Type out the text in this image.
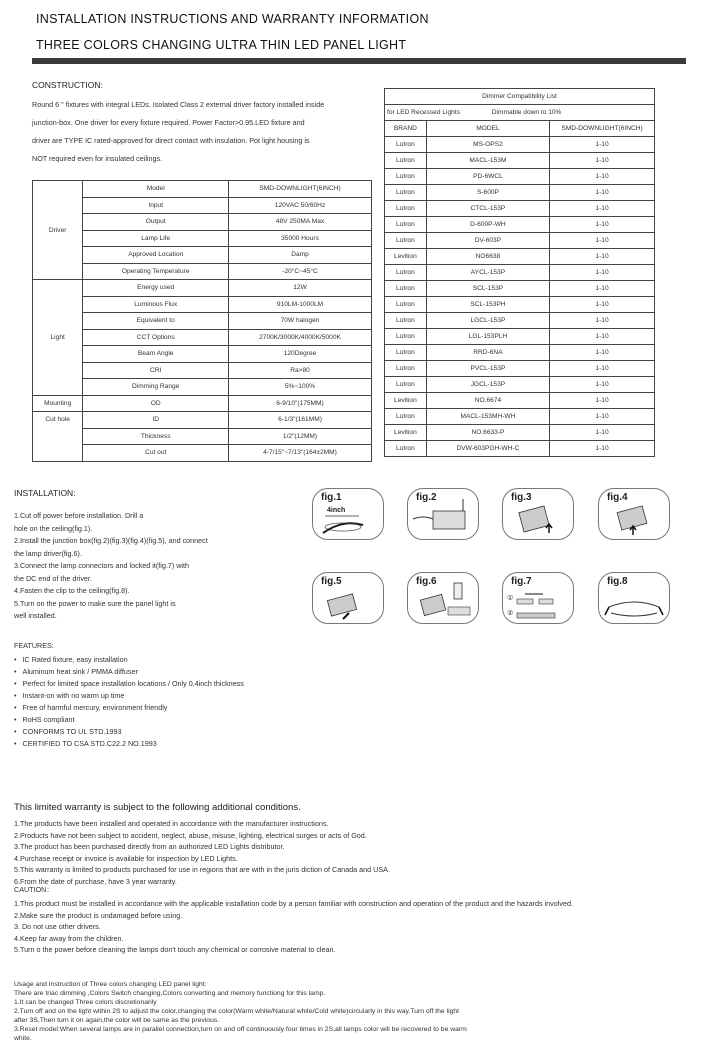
INSTALLATION INSTRUCTIONS AND WARRANTY INFORMATION
THREE COLORS CHANGING ULTRA THIN LED PANEL LIGHT
CONSTRUCTION:
Round 6 " fixtures with integral LEDs. Isolated Class 2 external driver factory installed inside
junction-box. One driver for every fixture required. Power Factor>0.95.LED fixture and
driver are TYPE IC rated-approved for direct contact with insulation. Pot light housing is
NOT required even for insulated ceilings.
Driver	Model	SMD-DOWNLIGHT(6INCH)
	Input	120VAC 50/60Hz
	Output	48V 250MA Max
	Lamp Life	35000 Hours
	Approved Location	Damp
	Operating Temperature	-20°C~45°C
Light	Energy used	12W
	Luminous Flux	910LM-1000LM
	Equivalent to	70W halogen
	CCT Options	2700K/3000K/4000K/5000K
	Beam Angle	120Degree
	CRI	Ra>80
	Dimming Range	5%~100%
Mounting	OD	6-9/10"(175MM)
Cut hole	ID	6-1/3"(161MM)
	Thickness	1/2"(12MM)
	Cut out	4-7/15"~7/13"(164±2MM)
Dimmer Compatibility List		
for LED Recessed Lights Dimmable down to 10%		
BRAND	MODEL	SMD-DOWNLIGHT(6INCH)
Lutron	MS-OPS2	1-10
Lutron	MACL-153M	1-10
Lutron	PD-6WCL	1-10
Lutron	S-600P	1-10
Lutron	CTCL-153P	1-10
Lutron	D-600P-WH	1-10
Lutron	DV-603P	1-10
Levition	NO6638	1-10
Lutron	AYCL-153P	1-10
Lutron	SCL-153P	1-10
Lutron	SCL-153PH	1-10
Lutron	LGCL-153P	1-10
Lutron	LGL-153PLH	1-10
Lutron	RRD-6NA	1-10
Lutron	PVCL-153P	1-10
Lutron	JGCL-153P	1-10
Levition	NO.6674	1-10
Lutron	MACL-153MH-WH	1-10
Levition	NO.6633-P	1-10
Lutron	DVW-603PGH-WH-C	1-10
INSTALLATION:
1.Cut off power before installation. Drill a
hole on the ceiling(fig.1).
2.Install the junction box(fig.2)(fig.3)(fig.4)(fig.5), and connect
the lamp driver(fig.6).
3.Connect the lamp connectors and locked it(fig.7) with
the DC end of the driver.
4.Fasten the clip to the ceiling(fig.8).
5.Turn on the power to make sure the panel light is
well installed.
fig.1
4inch
fig.2	fig.3	fig.4
fig.5	fig.6	fig.7
①
②
fig.8
FEATURES:
• IC Rated fixture, easy installation
• Aluminum heat sink / PMMA diffuser
• Perfect for limited space installation locations / Only 0.4inch thickness
• Instant-on with no warm up time
• Free of harmful mercury, environment friendly
• RoHS compliant
• CONFORMS TO UL STD.1993
• CERTIFIED TO CSA STD.C22.2 NO.1993
This limited warranty is subject to the following additional conditions.

1.The products have been installed and operated in accordance with the manufacturer instructions.

2.Products have not been subject to accident, neglect, abuse, misuse, lighting, electrical surges or acts of God.

3.The product has been purchased directly from an authorized LED Lights distributor.

4.Purchase receipt or invoice is available for inspection by LED Lights.

5.This warranty is limited to products purchased for use in regions that are with in the juris diction of Canada and USA.

6.From the date of purchase, have 3 year warranty.

CAUTION：

1.This product must be installed in accordance with the applicable installation code by a person familiar with construction and operation of the product and the hazards involved.

2.Make sure the product is undamaged before using.

3. Do not use other drivers.

4.Keep far away from the children.

5.Turn o the power before cleaning the lamps don't touch any chemical or corrosive material to clean.

Usage and Instruction of Three colors changing LED panel light:
There are triac dimming ,Colors Switch changing,Colors converting and memory functiong for this lamp.
1.It can be changed Three colors discretionarily
2.Turn off and on the light within 2S to adjust the color,changing the color(Warm white/Natural white/Cold white)circularly in this way.Turn off the light
after 3S,Then turn it on again,the color will be same as the previous.
3.Reset model:When several lamps are in parallel connection,turn on and off continuously four times in 2S,all lamps color will be recovered to be warm
white.
